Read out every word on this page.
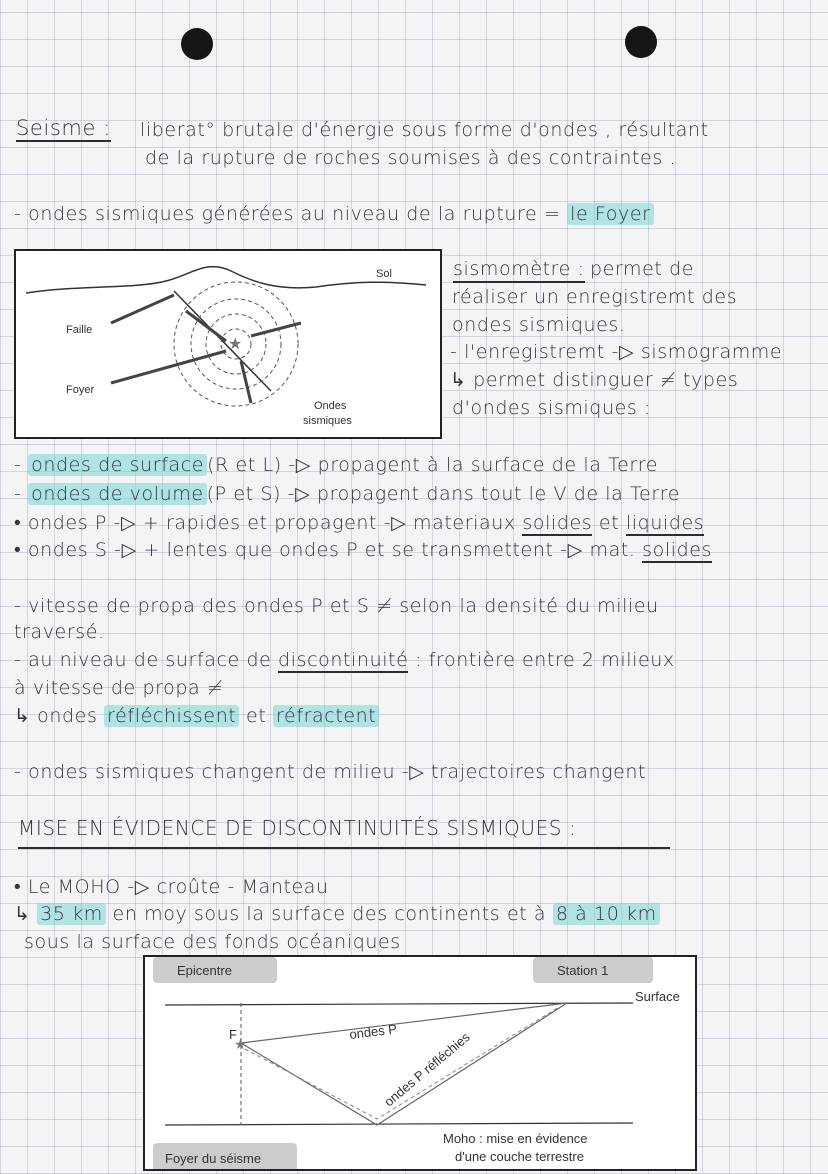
Seisme : liberat° brutale d'énergie sous forme d'ondes , résultant
de la rupture de roches soumises à des contraintes .
- ondes sismiques générées au niveau de la rupture = le Foyer
★
Sol
Faille
Foyer
Ondes
sismiques
sismomètre : permet de
réaliser un enregistremt des
ondes sismiques.
- l'enregistremt -▷ sismogramme
↳ permet distinguer ≠ types
d'ondes sismiques :
- ondes de surface (R et L) -▷ propagent à la surface de la Terre
- ondes de volume (P et S) -▷ propagent dans tout le V de la Terre
• ondes P -▷ + rapides et propagent -▷ materiaux solides et liquides
• ondes S -▷ + lentes que ondes P et se transmettent -▷ mat. solides
- vitesse de propa des ondes P et S ≠ selon la densité du milieu
traversé.
- au niveau de surface de discontinuité : frontière entre 2 milieux
à vitesse de propa ≠
↳ ondes réfléchissent et réfractent
- ondes sismiques changent de milieu -▷ trajectoires changent
MISE EN ÉVIDENCE DE DISCONTINUITÉS SISMIQUES :
• Le MOHO -▷ croûte - Manteau
↳ 35 km en moy sous la surface des continents et à 8 à 10 km
sous la surface des fonds océaniques
Epicentre	Station 1
Surface
F
★
ondes P
ondes P réfléchies
Foyer du séisme
Moho : mise en évidence
d'une couche terrestre
